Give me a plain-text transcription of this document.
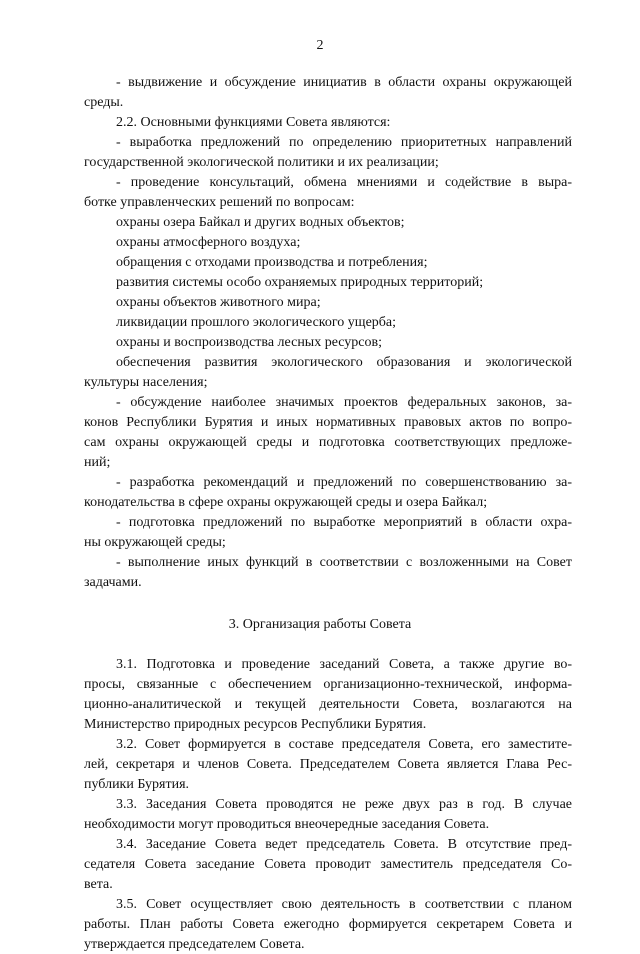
2
- выдвижение и обсуждение инициатив в области охраны окружающей
среды.
2.2. Основными функциями Совета являются:
- выработка предложений по определению приоритетных направлений
государственной экологической политики и их реализации;
- проведение консультаций, обмена мнениями и содействие в выра-
ботке управленческих решений по вопросам:
охраны озера Байкал и других водных объектов;
охраны атмосферного воздуха;
обращения с отходами производства и потребления;
развития системы особо охраняемых природных территорий;
охраны объектов животного мира;
ликвидации прошлого экологического ущерба;
охраны и воспроизводства лесных ресурсов;
обеспечения развития экологического образования и экологической
культуры населения;
- обсуждение наиболее значимых проектов федеральных законов, за-
конов Республики Бурятия и иных нормативных правовых актов по вопро-
сам охраны окружающей среды и подготовка соответствующих предложе-
ний;
- разработка рекомендаций и предложений по совершенствованию за-
конодательства в сфере охраны окружающей среды и озера Байкал;
- подготовка предложений по выработке мероприятий в области охра-
ны окружающей среды;
- выполнение иных функций в соответствии с возложенными на Совет
задачами.
3. Организация работы Совета
3.1. Подготовка и проведение заседаний Совета, а также другие во-
просы, связанные с обеспечением организационно-технической, информа-
ционно-аналитической и текущей деятельности Совета, возлагаются на
Министерство природных ресурсов Республики Бурятия.
3.2. Совет формируется в составе председателя Совета, его заместите-
лей, секретаря и членов Совета. Председателем Совета является Глава Рес-
публики Бурятия.
3.3. Заседания Совета проводятся не реже двух раз в год. В случае
необходимости могут проводиться внеочередные заседания Совета.
3.4. Заседание Совета ведет председатель Совета. В отсутствие пред-
седателя Совета заседание Совета проводит заместитель председателя Со-
вета.
3.5. Совет осуществляет свою деятельность в соответствии с планом
работы. План работы Совета ежегодно формируется секретарем Совета и
утверждается председателем Совета.
